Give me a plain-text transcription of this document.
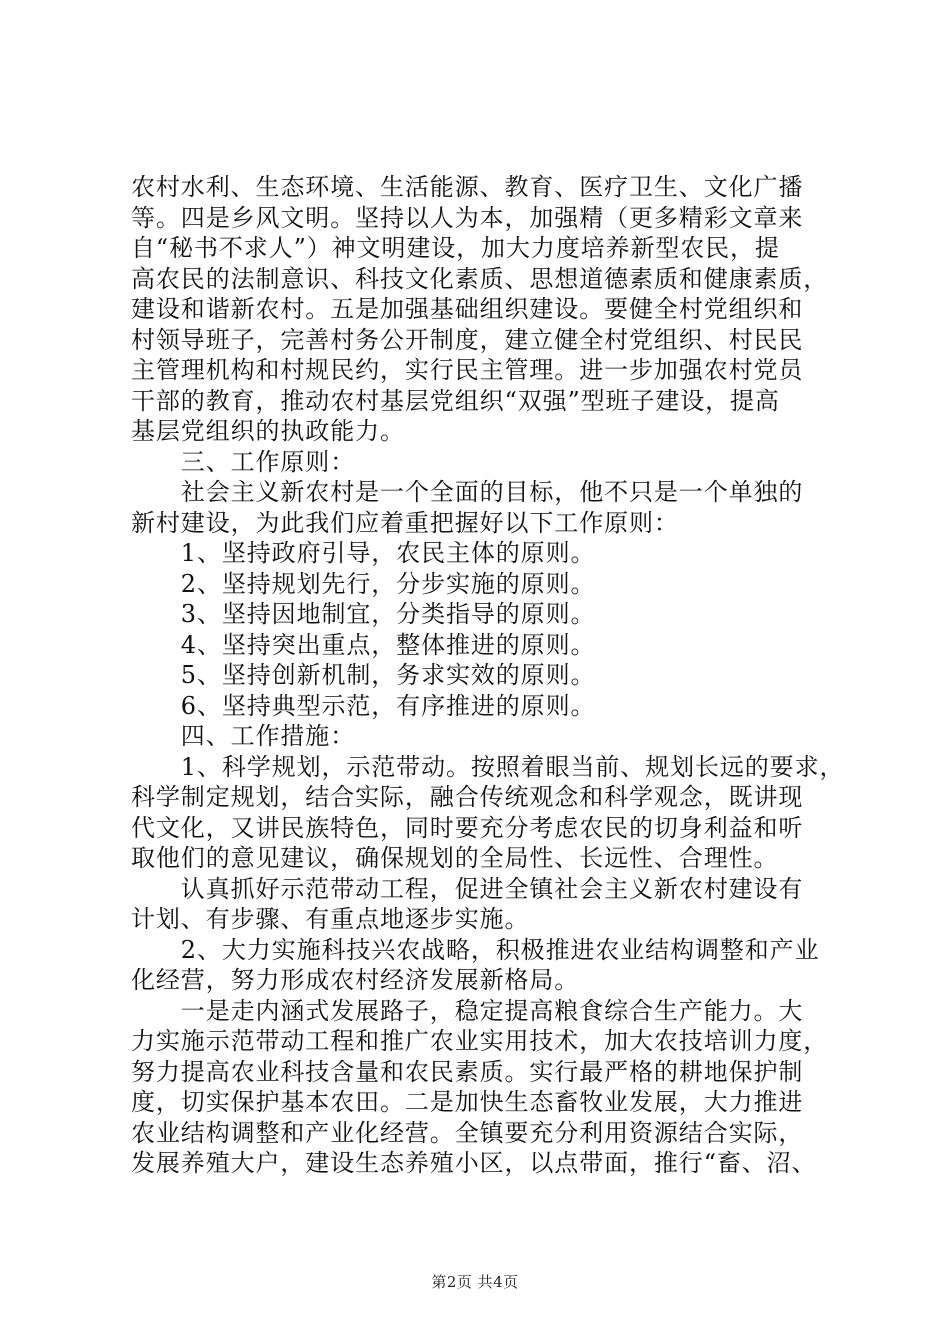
农村水利、生态环境、生活能源、教育、医疗卫生、文化广播
等。四是乡风文明。坚持以人为本，加强精（更多精彩文章来
自“秘书不求人”）神文明建设，加大力度培养新型农民，提
高农民的法制意识、科技文化素质、思想道德素质和健康素质，
建设和谐新农村。五是加强基础组织建设。要健全村党组织和
村领导班子，完善村务公开制度，建立健全村党组织、村民民
主管理机构和村规民约，实行民主管理。进一步加强农村党员
干部的教育，推动农村基层党组织“双强”型班子建设，提高
基层党组织的执政能力。
　　三、工作原则：
　　社会主义新农村是一个全面的目标，他不只是一个单独的
新村建设，为此我们应着重把握好以下工作原则：
　　1、坚持政府引导，农民主体的原则。
　　2、坚持规划先行，分步实施的原则。
　　3、坚持因地制宜，分类指导的原则。
　　4、坚持突出重点，整体推进的原则。
　　5、坚持创新机制，务求实效的原则。
　　6、坚持典型示范，有序推进的原则。
　　四、工作措施：
　　1、科学规划，示范带动。按照着眼当前、规划长远的要求，
科学制定规划，结合实际，融合传统观念和科学观念，既讲现
代文化，又讲民族特色，同时要充分考虑农民的切身利益和听
取他们的意见建议，确保规划的全局性、长远性、合理性。
　　认真抓好示范带动工程，促进全镇社会主义新农村建设有
计划、有步骤、有重点地逐步实施。
　　2、大力实施科技兴农战略，积极推进农业结构调整和产业
化经营，努力形成农村经济发展新格局。
　　一是走内涵式发展路子，稳定提高粮食综合生产能力。大
力实施示范带动工程和推广农业实用技术，加大农技培训力度，
努力提高农业科技含量和农民素质。实行最严格的耕地保护制
度，切实保护基本农田。二是加快生态畜牧业发展，大力推进
农业结构调整和产业化经营。全镇要充分利用资源结合实际，
发展养殖大户，建设生态养殖小区，以点带面，推行“畜、沼、
第2页 共4页
